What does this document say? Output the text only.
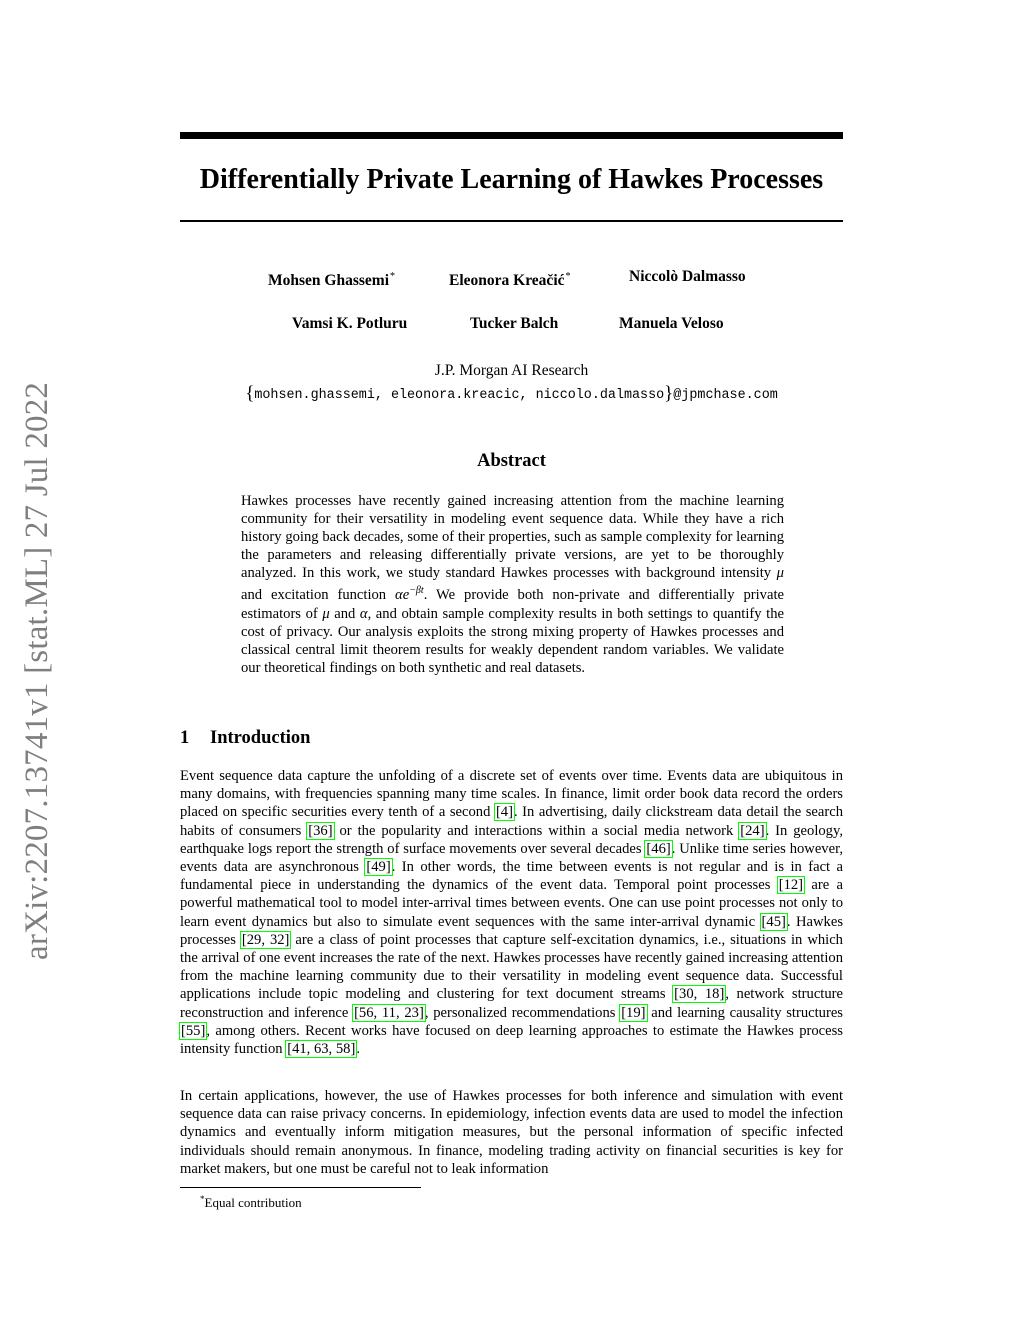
arXiv:2207.13741v1 [stat.ML] 27 Jul 2022
Differentially Private Learning of Hawkes Processes
Mohsen Ghassemi*	Eleonora Kreačić*	Niccolò Dalmasso
Vamsi K. Potluru	Tucker Balch	Manuela Veloso
J.P. Morgan AI Research
{mohsen.ghassemi, eleonora.kreacic, niccolo.dalmasso}@jpmchase.com
Abstract
Hawkes processes have recently gained increasing attention from the machine learning community for their versatility in modeling event sequence data. While they have a rich history going back decades, some of their properties, such as sample complexity for learning the parameters and releasing differentially private versions, are yet to be thoroughly analyzed. In this work, we study standard Hawkes processes with background intensity μ and excitation function $\alpha e^{-\beta t}$. We provide both non-private and differentially private estimators of μ and α, and obtain sample complexity results in both settings to quantify the cost of privacy. Our analysis exploits the strong mixing property of Hawkes processes and classical central limit theorem results for weakly dependent random variables. We validate our theoretical findings on both synthetic and real datasets.
1 Introduction
Event sequence data capture the unfolding of a discrete set of events over time. Events data are ubiquitous in many domains, with frequencies spanning many time scales. In finance, limit order book data record the orders placed on specific securities every tenth of a second [4]. In advertising, daily clickstream data detail the search habits of consumers [36] or the popularity and interactions within a social media network [24]. In geology, earthquake logs report the strength of surface movements over several decades [46]. Unlike time series however, events data are asynchronous [49]. In other words, the time between events is not regular and is in fact a fundamental piece in understanding the dynamics of the event data. Temporal point processes [12] are a powerful mathematical tool to model inter-arrival times between events. One can use point processes not only to learn event dynamics but also to simulate event sequences with the same inter-arrival dynamic [45]. Hawkes processes [29, 32] are a class of point processes that capture self-excitation dynamics, i.e., situations in which the arrival of one event increases the rate of the next. Hawkes processes have recently gained increasing attention from the machine learning community due to their versatility in modeling event sequence data. Successful applications include topic modeling and clustering for text document streams [30, 18], network structure reconstruction and inference [56, 11, 23], personalized recommendations [19] and learning causality structures [55], among others. Recent works have focused on deep learning approaches to estimate the Hawkes process intensity function [41, 63, 58].
In certain applications, however, the use of Hawkes processes for both inference and simulation with event sequence data can raise privacy concerns. In epidemiology, infection events data are used to model the infection dynamics and eventually inform mitigation measures, but the personal information of specific infected individuals should remain anonymous. In finance, modeling trading activity on financial securities is key for market makers, but one must be careful not to leak information
*Equal contribution
